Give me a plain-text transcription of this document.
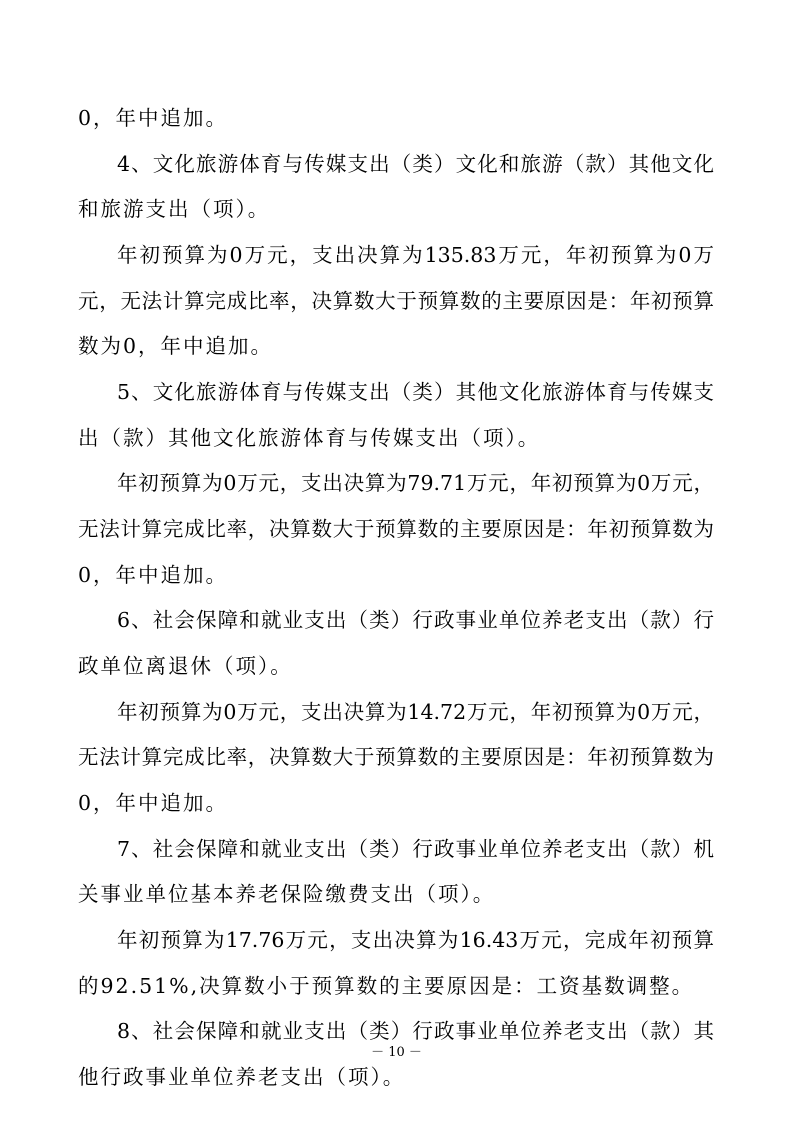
0，年中追加。

4、文化旅游体育与传媒支出（类）文化和旅游（款）其他文化

和旅游支出（项）。

年初预算为0万元，支出决算为135.83万元，年初预算为0万

元，无法计算完成比率，决算数大于预算数的主要原因是：年初预算

数为0，年中追加。

5、文化旅游体育与传媒支出（类）其他文化旅游体育与传媒支

出（款）其他文化旅游体育与传媒支出（项）。

年初预算为0万元，支出决算为79.71万元，年初预算为0万元，

无法计算完成比率，决算数大于预算数的主要原因是：年初预算数为

0，年中追加。

6、社会保障和就业支出（类）行政事业单位养老支出（款）行

政单位离退休（项）。

年初预算为0万元，支出决算为14.72万元，年初预算为0万元，

无法计算完成比率，决算数大于预算数的主要原因是：年初预算数为

0，年中追加。

7、社会保障和就业支出（类）行政事业单位养老支出（款）机

关事业单位基本养老保险缴费支出（项）。

年初预算为17.76万元，支出决算为16.43万元，完成年初预算

的92.51%,决算数小于预算数的主要原因是：工资基数调整。

8、社会保障和就业支出（类）行政事业单位养老支出（款）其

他行政事业单位养老支出（项）。

－ 10 －
